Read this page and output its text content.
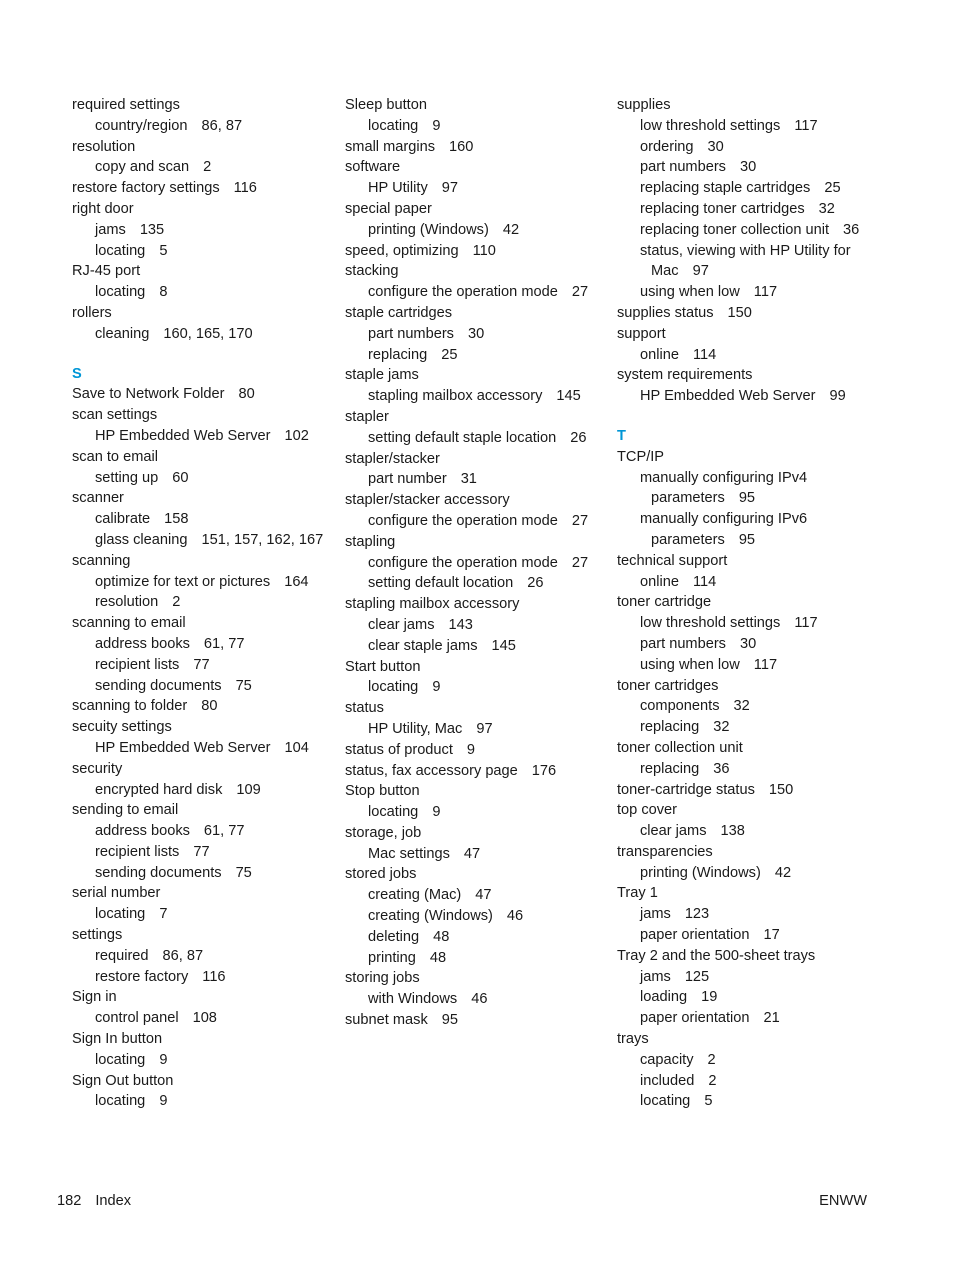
required settings
country/region 86, 87
resolution
copy and scan 2
restore factory settings 116
right door
jams 135
locating 5
RJ-45 port
locating 8
rollers
cleaning 160, 165, 170
S
Save to Network Folder 80
scan settings
HP Embedded Web Server 102
scan to email
setting up 60
scanner
calibrate 158
glass cleaning 151, 157, 162, 167
scanning
optimize for text or pictures 164
resolution 2
scanning to email
address books 61, 77
recipient lists 77
sending documents 75
scanning to folder 80
secuity settings
HP Embedded Web Server 104
security
encrypted hard disk 109
sending to email
address books 61, 77
recipient lists 77
sending documents 75
serial number
locating 7
settings
required 86, 87
restore factory 116
Sign in
control panel 108
Sign In button
locating 9
Sign Out button
locating 9
Sleep button
locating 9
small margins 160
software
HP Utility 97
special paper
printing (Windows) 42
speed, optimizing 110
stacking
configure the operation mode 27
staple cartridges
part numbers 30
replacing 25
staple jams
stapling mailbox accessory 145
stapler
setting default staple location 26
stapler/stacker
part number 31
stapler/stacker accessory
configure the operation mode 27
stapling
configure the operation mode 27
setting default location 26
stapling mailbox accessory
clear jams 143
clear staple jams 145
Start button
locating 9
status
HP Utility, Mac 97
status of product 9
status, fax accessory page 176
Stop button
locating 9
storage, job
Mac settings 47
stored jobs
creating (Mac) 47
creating (Windows) 46
deleting 48
printing 48
storing jobs
with Windows 46
subnet mask 95
supplies
low threshold settings 117
ordering 30
part numbers 30
replacing staple cartridges 25
replacing toner cartridges 32
replacing toner collection unit 36
status, viewing with HP Utility for Mac 97
using when low 117
supplies status 150
support
online 114
system requirements
HP Embedded Web Server 99
T
TCP/IP
manually configuring IPv4 parameters 95
manually configuring IPv6 parameters 95
technical support
online 114
toner cartridge
low threshold settings 117
part numbers 30
using when low 117
toner cartridges
components 32
replacing 32
toner collection unit
replacing 36
toner-cartridge status 150
top cover
clear jams 138
transparencies
printing (Windows) 42
Tray 1
jams 123
paper orientation 17
Tray 2 and the 500-sheet trays
jams 125
loading 19
paper orientation 21
trays
capacity 2
included 2
locating 5
182 Index	ENWW
